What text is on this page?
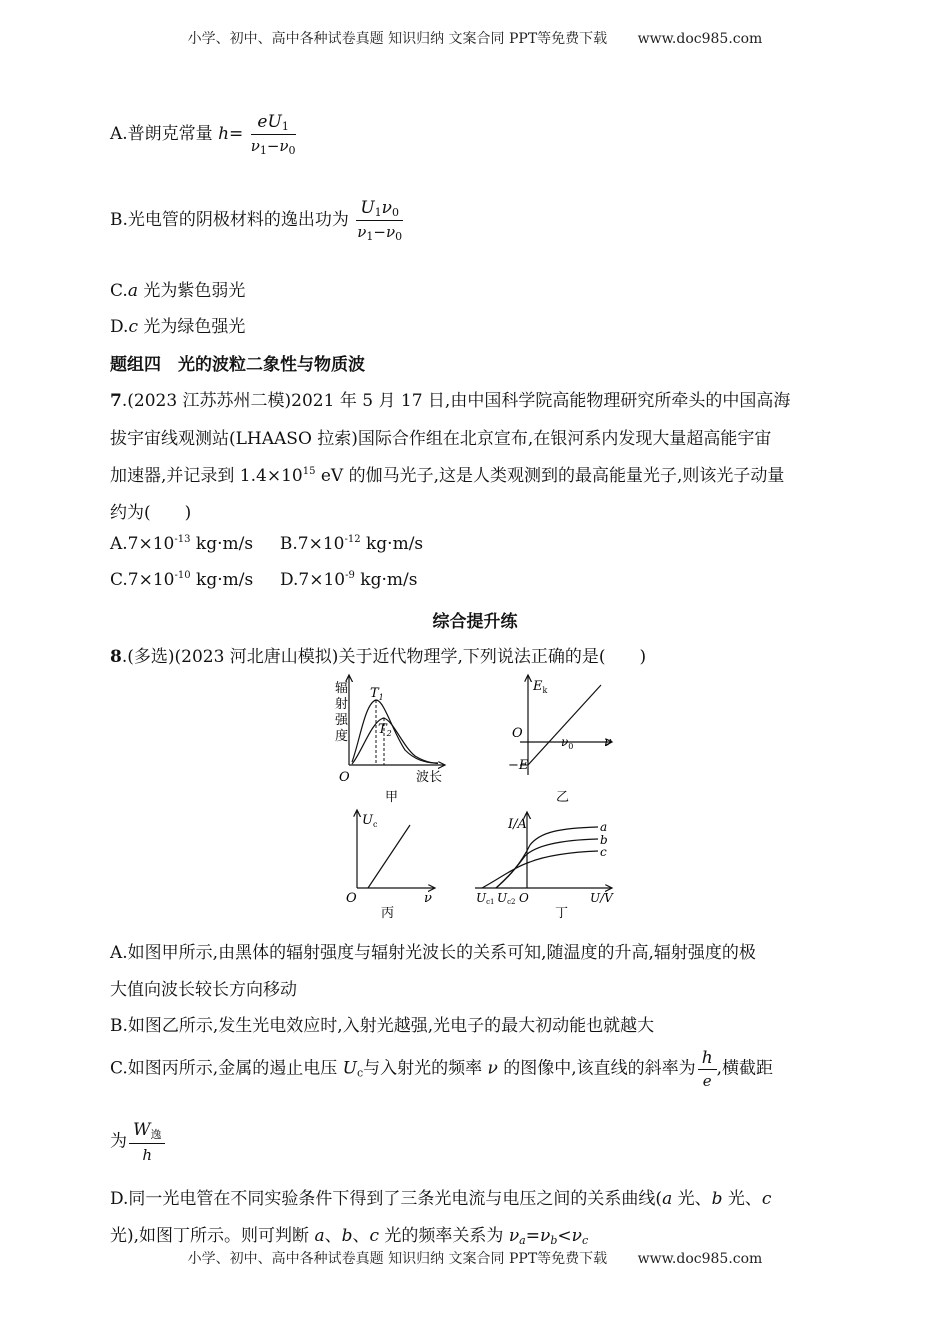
小学、初中、高中各种试卷真题 知识归纳 文案合同 PPT等免费下载 www.doc985.com
A.普朗克常量 $h= \frac{eU_1}{\nu_1-\nu_0}$
B.光电管的阴极材料的逸出功为 $\frac{U_1\nu_0}{\nu_1-\nu_0}$
C.a 光为紫色弱光
D.c 光为绿色强光
题组四　光的波粒二象性与物质波
7.(2023 江苏苏州二模)2021 年 5 月 17 日,由中国科学院高能物理研究所牵头的中国高海
拔宇宙线观测站(LHAASO 拉索)国际合作组在北京宣布,在银河系内发现大量超高能宇宙
加速器,并记录到 $1.4\times 10^{15}$ eV 的伽马光子,这是人类观测到的最高能量光子,则该光子动量
约为(　　)
$A.7\times 10^{-13}$ kg·m/s $B.7\times 10^{-12}$ kg·m/s
$C.7\times 10^{-10}$ kg·m/s $D.7\times 10^{-9}$ kg·m/s
综合提升练
8.(多选)(2023 河北唐山模拟)关于近代物理学,下列说法正确的是(　　)
辐
射
强
度
$T_1$
$T_2$
O	波长
甲
$E_k$
O
$\nu_0$ ν
−E
乙
$U_c$
O	ν
丙
I/A	a
b
c
Uc1 Uc2 O	U/V
丁
A.如图甲所示,由黑体的辐射强度与辐射光波长的关系可知,随温度的升高,辐射强度的极
大值向波长较长方向移动
B.如图乙所示,发生光电效应时,入射光越强,光电子的最大初动能也就越大
C.如图丙所示,金属的遏止电压 $U_c$与入射光的频率 ν 的图像中,该直线的斜率为 $\frac{h}{e}$ ,横截距
为 $\frac{W_逸}{h}$
D.同一光电管在不同实验条件下得到了三条光电流与电压之间的关系曲线(a 光、b 光、c
光),如图丁所示。则可判断 a、b、c 光的频率关系为 $\nu_a=\nu_b<\nu_c$
小学、初中、高中各种试卷真题 知识归纳 文案合同 PPT等免费下载 www.doc985.com
